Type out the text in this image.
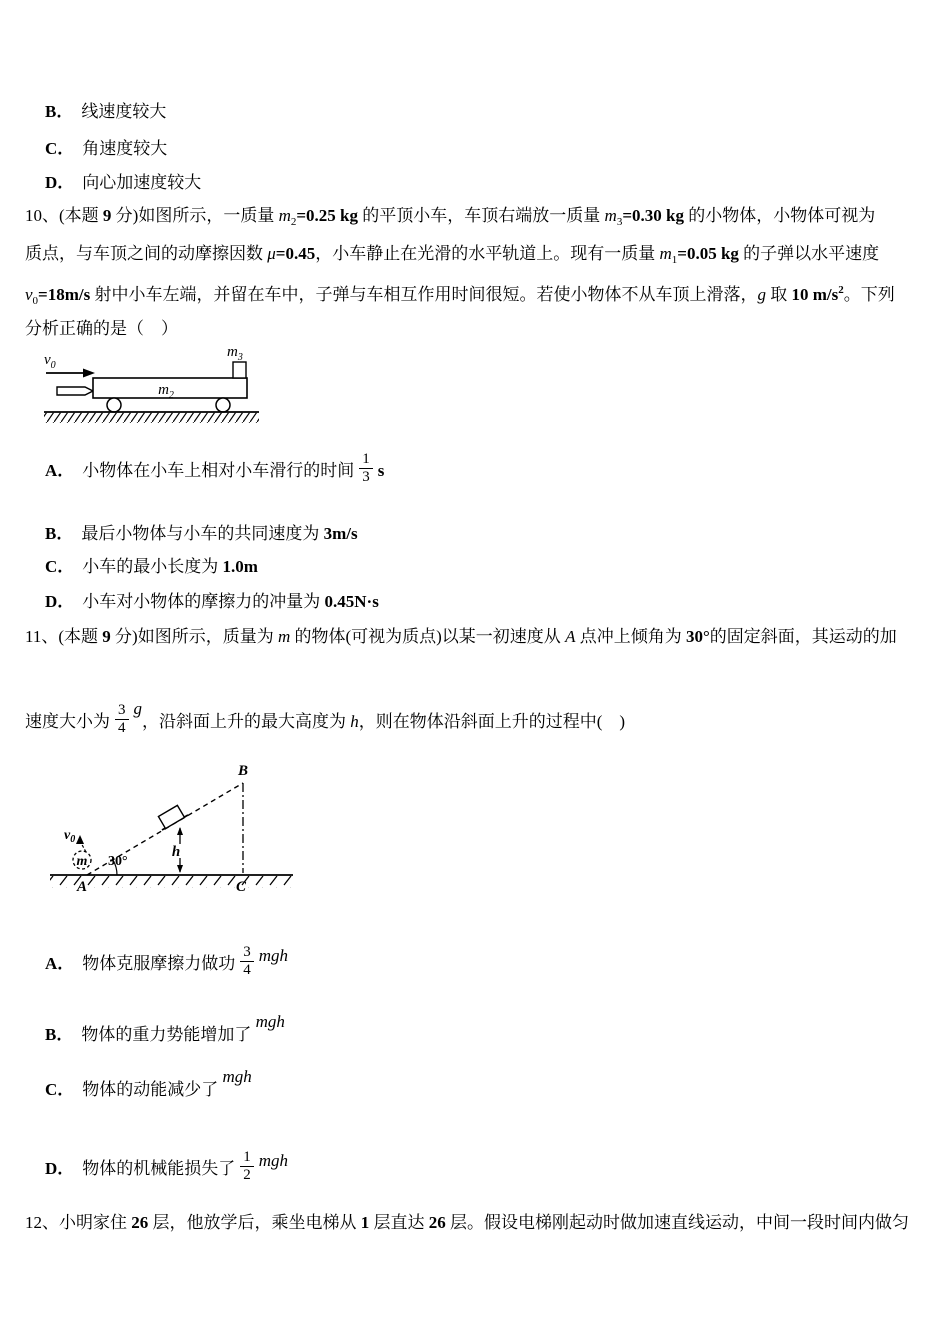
B． 线速度较大
C． 角速度较大
D． 向心加速度较大
10、(本题 9 分)如图所示，一质量 $m_2=0.25$ kg 的平顶小车，车顶右端放一质量 $m_3=0.30$ kg 的小物体，小物体可视为
质点，与车顶之间的动摩擦因数 μ=0.45，小车静止在光滑的水平轨道上。现有一质量 $m_1=0.05$ kg 的子弹以水平速度
$v_0=18m/s$ 射中小车左端，并留在车中，子弹与车相互作用时间很短。若使小物体不从车顶上滑落，g 取 10 $m/s^2$。下列
分析正确的是（　）
$v_0$
$m_2$
$m_3$
A． 小物体在小车上相对小车滑行的时间 $\frac{1}{3}$ s
B． 最后小物体与小车的共同速度为 3m/s
C． 小车的最小长度为 1.0m
D． 小车对小物体的摩擦力的冲量为 0.45N·s
11、(本题 9 分)如图所示，质量为 m 的物体(可视为质点)以某一初速度从 A 点冲上倾角为 30°的固定斜面，其运动的加
速度大小为 $\frac{3}{4}$ g，沿斜面上升的最大高度为 h，则在物体沿斜面上升的过程中(　)
h
30°
m
$v_0$
A
B
C
A． 物体克服摩擦力做功 $\frac{3}{4}$ mgh
B． 物体的重力势能增加了 mgh
C． 物体的动能减少了 mgh
D． 物体的机械能损失了 $\frac{1}{2}$ mgh
12、小明家住 26 层，他放学后，乘坐电梯从 1 层直达 26 层。假设电梯刚起动时做加速直线运动，中间一段时间内做匀
